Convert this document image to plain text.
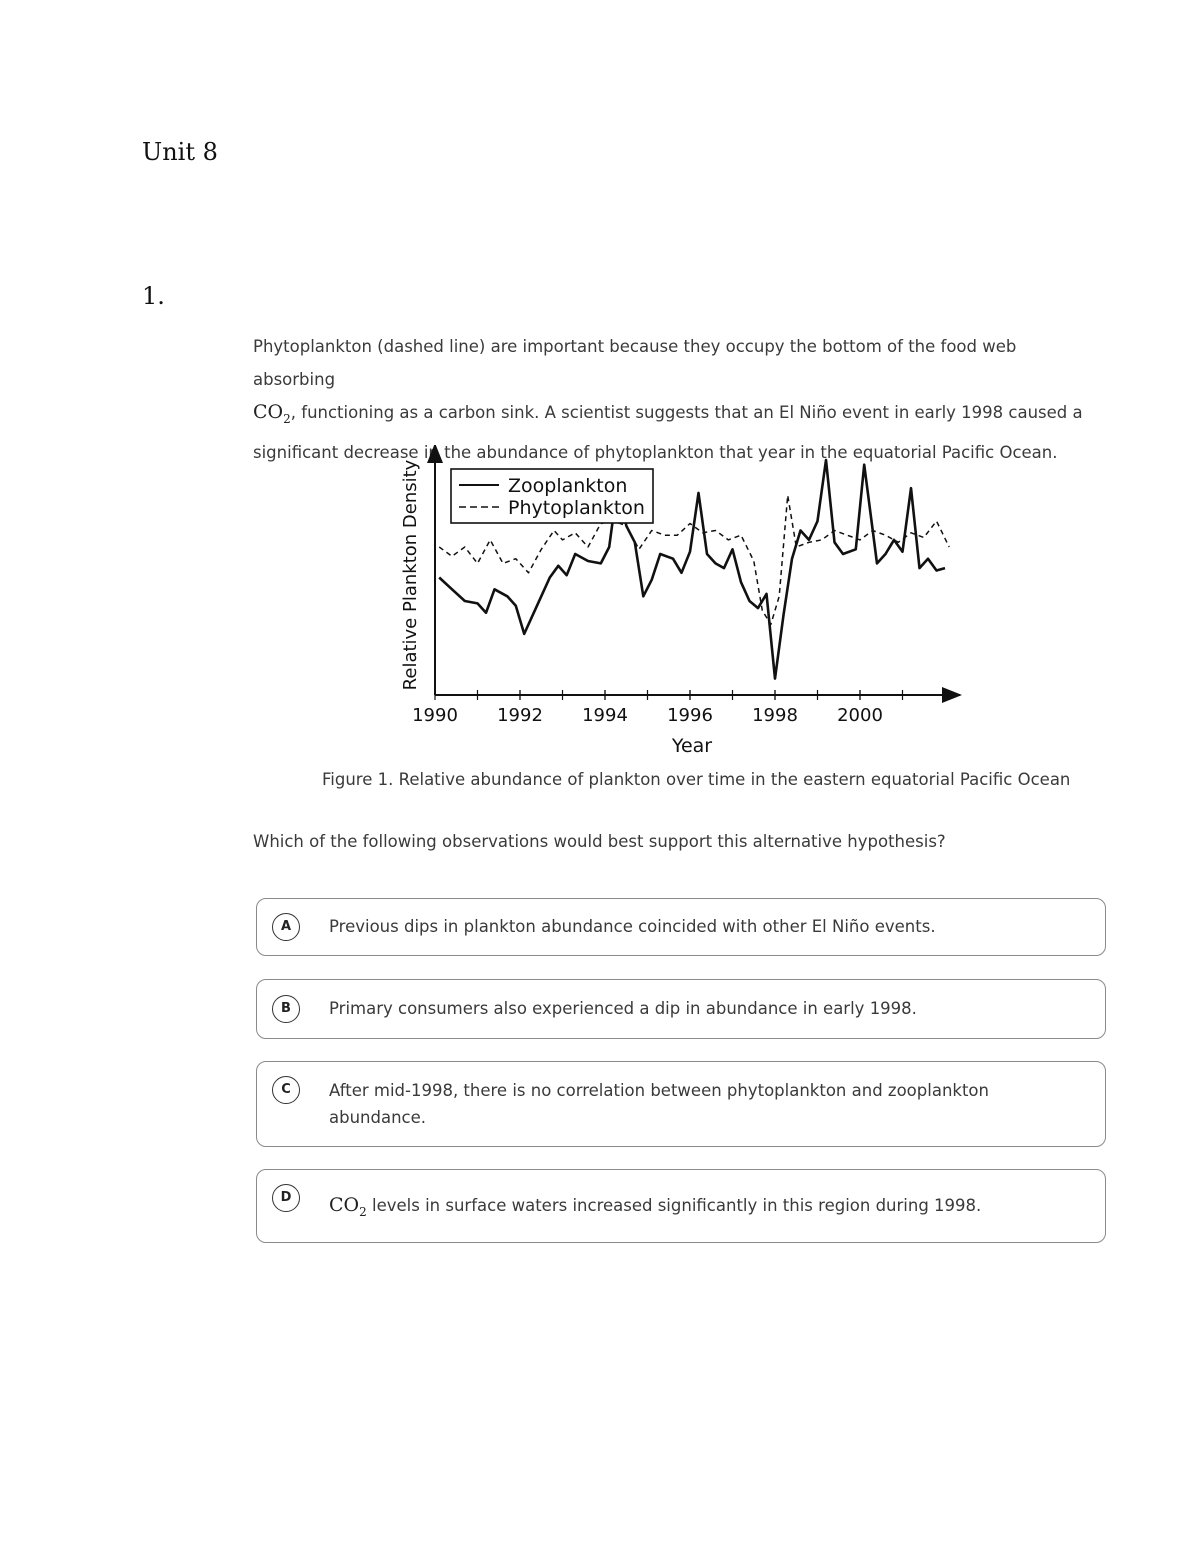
Unit 8
1.
Phytoplankton (dashed line) are important because they occupy the bottom of the food web absorbing
$CO_2$, functioning as a carbon sink. A scientist suggests that an El Niño event in early 1998 caused a
significant decrease in the abundance of phytoplankton that year in the equatorial Pacific Ocean.
1990 1992 1994 1996 1998 2000
Zooplankton
Phytoplankton
Relative Plankton Density
Year
Figure 1. Relative abundance of plankton over time in the eastern equatorial Pacific Ocean
Which of the following observations would best support this alternative hypothesis?
A	Previous dips in plankton abundance coincided with other El Niño events.
B	Primary consumers also experienced a dip in abundance in early 1998.
C	After mid-1998, there is no correlation between phytoplankton and zooplankton abundance.
D	$CO_2$ levels in surface waters increased significantly in this region during 1998.
